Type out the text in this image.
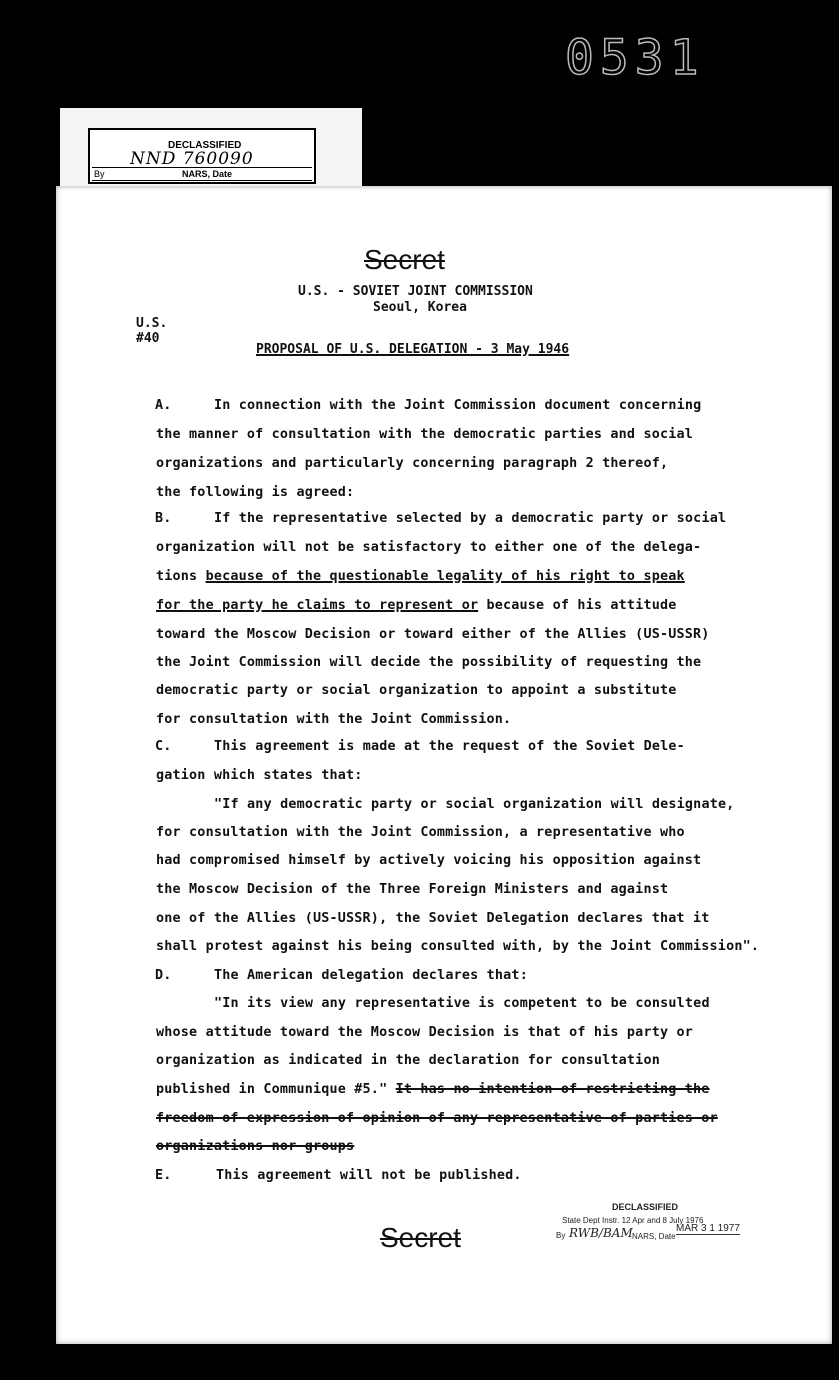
0531
DECLASSIFIED
NND 760090
By	NARS, Date
Secret
U.S. - SOVIET JOINT COMMISSION
Seoul, Korea
U.S.
#40
PROPOSAL OF U.S. DELEGATION - 3 May 1946
A.	In connection with the Joint Commission document concerning
the manner of consultation with the democratic parties and social
organizations and particularly concerning paragraph 2 thereof,
the following is agreed:
B.	If the representative selected by a democratic party or social
organization will not be satisfactory to either one of the delega-
tions because of the questionable legality of his right to speak
for the party he claims to represent or because of his attitude
toward the Moscow Decision or toward either of the Allies (US-USSR)
the Joint Commission will decide the possibility of requesting the
democratic party or social organization to appoint a substitute
for consultation with the Joint Commission.
C.	This agreement is made at the request of the Soviet Dele-
gation which states that:
"If any democratic party or social organization will designate,
for consultation with the Joint Commission, a representative who
had compromised himself by actively voicing his opposition against
the Moscow Decision of the Three Foreign Ministers and against
one of the Allies (US-USSR), the Soviet Delegation declares that it
shall protest against his being consulted with, by the Joint Commission".
D.	The American delegation declares that:
"In its view any representative is competent to be consulted
whose attitude toward the Moscow Decision is that of his party or
organization as indicated in the declaration for consultation
published in Communique #5." It has no intention of restricting the
freedom of expression of opinion of any representative of parties or
organizations nor groups
E.	This agreement will not be published.
DECLASSIFIED
State Dept Instr. 12 Apr and 8 July 1976
By RWB/BAM NARS, Date
MAR 3 1 1977
Secret
